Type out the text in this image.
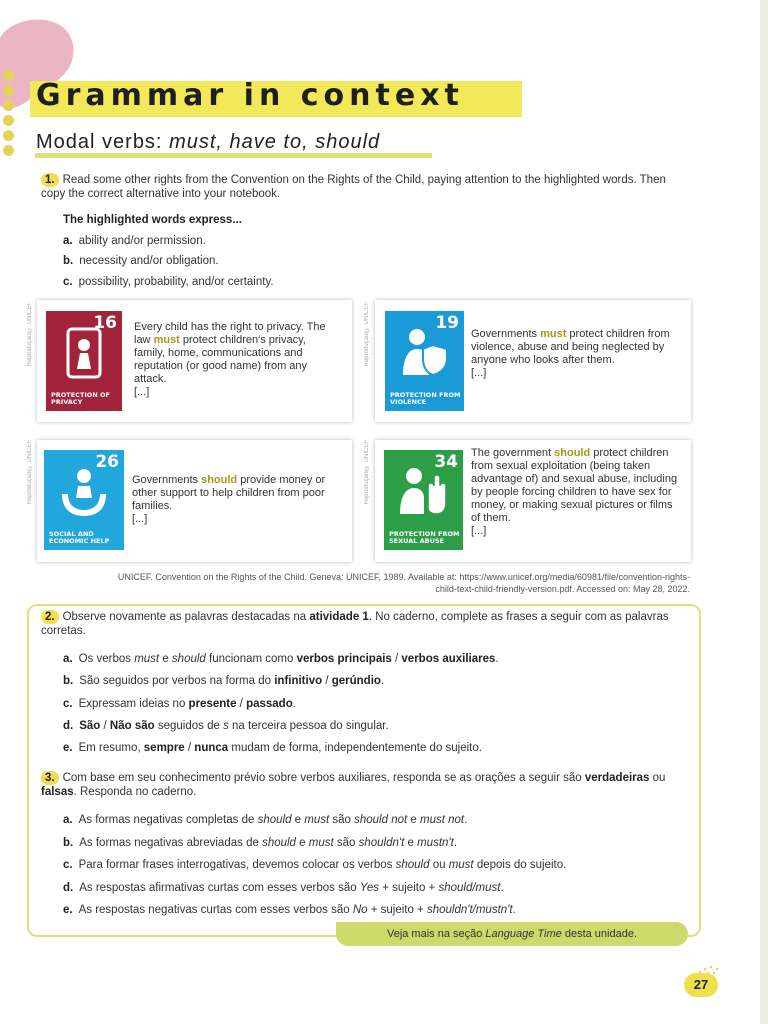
Grammar in context
Modal verbs: must, have to, should
1. Read some other rights from the Convention on the Rights of the Child, paying attention to the highlighted words. Then copy the correct alternative into your notebook.
The highlighted words express...
a. ability and/or permission.
b. necessity and/or obligation.
c. possibility, probability, and/or certainty.
Reprodução/© UNICEF	Reprodução/© UNICEF
Reprodução/© UNICEF	Reprodução/© UNICEF
16
PROTECTION OF PRIVACY
Every child has the right to privacy. The law must protect children's privacy, family, home, communications and reputation (or good name) from any attack.
[...]
19
PROTECTION FROM VIOLENCE
Governments must protect children from violence, abuse and being neglected by anyone who looks after them.
[...]
26
SOCIAL AND ECONOMIC HELP
Governments should provide money or other support to help children from poor families.
[...]
34
PROTECTION FROM SEXUAL ABUSE
The government should protect children from sexual exploitation (being taken advantage of) and sexual abuse, including by people forcing children to have sex for money, or making sexual pictures or films of them.
[...]
UNICEF. Convention on the Rights of the Child. Geneva: UNICEF, 1989. Available at: https://www.unicef.org/media/60981/file/convention-rights-
child-text-child-friendly-version.pdf. Accessed on: May 28, 2022.
2. Observe novamente as palavras destacadas na atividade 1. No caderno, complete as frases a seguir com as palavras corretas.
a. Os verbos must e should funcionam como verbos principais / verbos auxiliares.
b. São seguidos por verbos na forma do infinitivo / gerúndio.
c. Expressam ideias no presente / passado.
d. São / Não são seguidos de s na terceira pessoa do singular.
e. Em resumo, sempre / nunca mudam de forma, independentemente do sujeito.
3. Com base em seu conhecimento prévio sobre verbos auxiliares, responda se as orações a seguir são verdadeiras ou falsas. Responda no caderno.
a. As formas negativas completas de should e must são should not e must not.
b. As formas negativas abreviadas de should e must são shouldn't e mustn't.
c. Para formar frases interrogativas, devemos colocar os verbos should ou must depois do sujeito.
d. As respostas afirmativas curtas com esses verbos são Yes + sujeito + should/must.
e. As respostas negativas curtas com esses verbos são No + sujeito + shouldn't/mustn't.
Veja mais na seção Language Time desta unidade.
27
